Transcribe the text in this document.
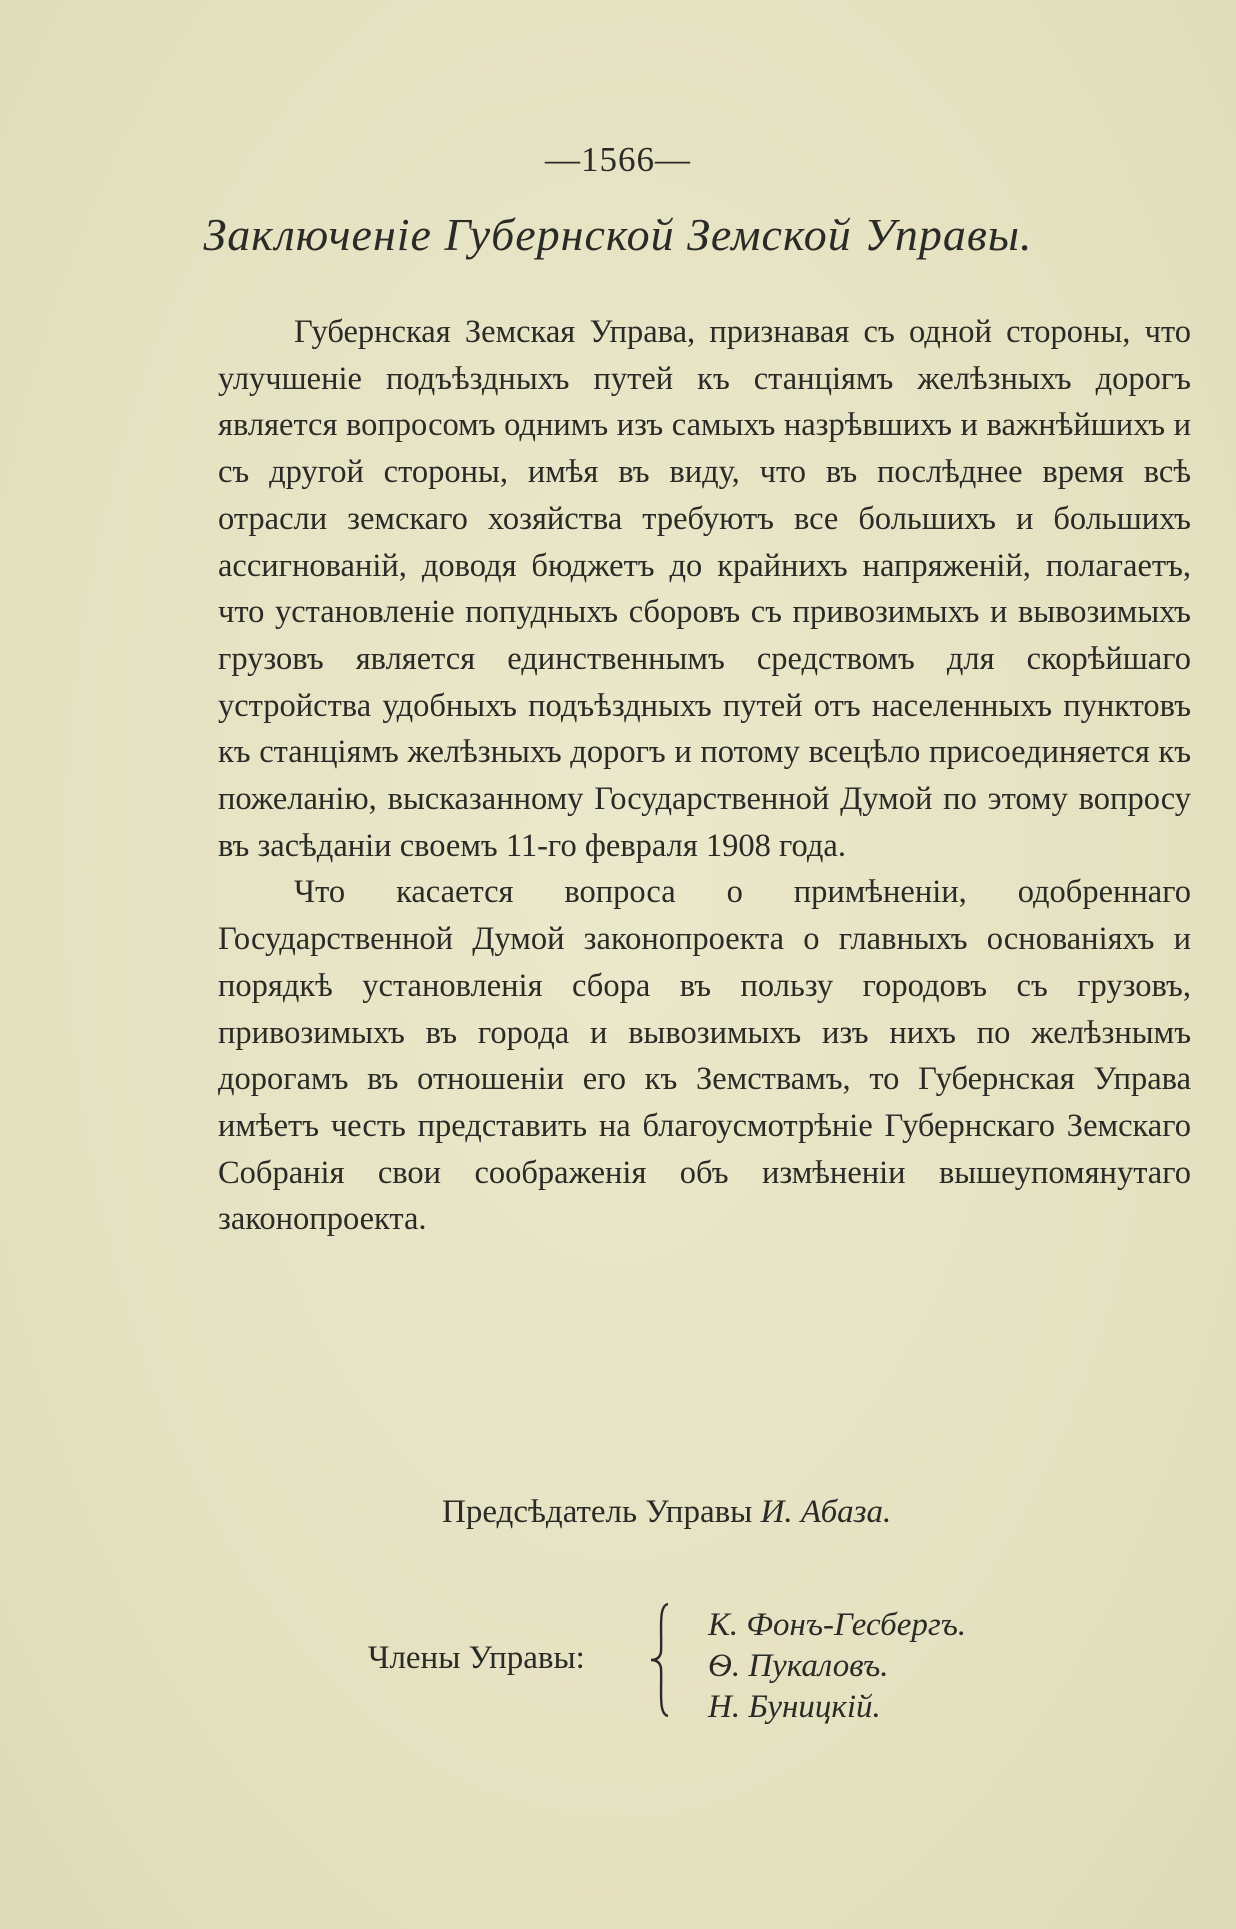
—1566—
Заключеніе Губернской Земской Управы.

Губернская Земская Управа, признавая съ одной стороны, что улучшеніе подъѣздныхъ путей къ станціямъ желѣзныхъ дорогъ является вопросомъ однимъ изъ самыхъ назрѣвшихъ и важнѣйшихъ и съ другой стороны, имѣя въ виду, что въ послѣднее время всѣ отрасли земскаго хозяйства требуютъ все большихъ и большихъ ассигнованій, доводя бюджетъ до крайнихъ напряженій, полагаетъ, что установленіе попудныхъ сборовъ съ привозимыхъ и вывозимыхъ грузовъ является единственнымъ средствомъ для скорѣйшаго устройства удобныхъ подъѣздныхъ путей отъ населенныхъ пунктовъ къ станціямъ желѣзныхъ дорогъ и потому всецѣло присоединяется къ пожеланію, высказанному Государственной Думой по этому вопросу въ засѣданіи своемъ 11-го февраля 1908 года.

Что касается вопроса о примѣненіи, одобреннаго Государственной Думой законопроекта о главныхъ основаніяхъ и порядкѣ установленія сбора въ пользу городовъ съ грузовъ, привозимыхъ въ города и вывозимыхъ изъ нихъ по желѣзнымъ дорогамъ въ отношеніи его къ Земствамъ, то Губернская Управа имѣетъ честь представить на благоусмотрѣніе Губернскаго Земскаго Собранія свои соображенія объ измѣненіи вышеупомянутаго законопроекта.

Предсѣдатель Управы И. Абаза.
Члены Управы:
К. Фонъ-Гесбергъ.
Ѳ. Пукаловъ.
Н. Буницкій.
